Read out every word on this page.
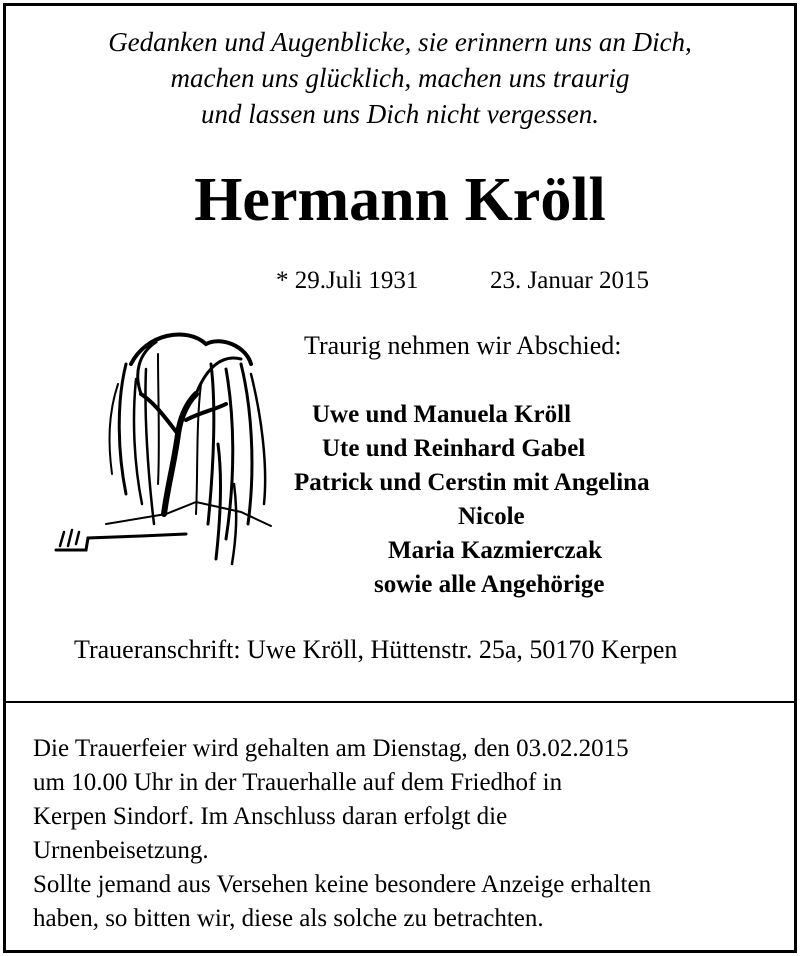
Gedanken und Augenblicke, sie erinnern uns an Dich,
machen uns glücklich, machen uns traurig
und lassen uns Dich nicht vergessen.
Hermann Kröll
* 29.Juli 1931	23. Januar 2015
Traurig nehmen wir Abschied:
Uwe und Manuela Kröll
Ute und Reinhard Gabel
Patrick und Cerstin mit Angelina
Nicole
Maria Kazmierczak
sowie alle Angehörige
Traueranschrift: Uwe Kröll, Hüttenstr. 25a, 50170 Kerpen
Die Trauerfeier wird gehalten am Dienstag, den 03.02.2015
um 10.00 Uhr in der Trauerhalle auf dem Friedhof in
Kerpen Sindorf. Im Anschluss daran erfolgt die
Urnenbeisetzung.
Sollte jemand aus Versehen keine besondere Anzeige erhalten
haben, so bitten wir, diese als solche zu betrachten.
